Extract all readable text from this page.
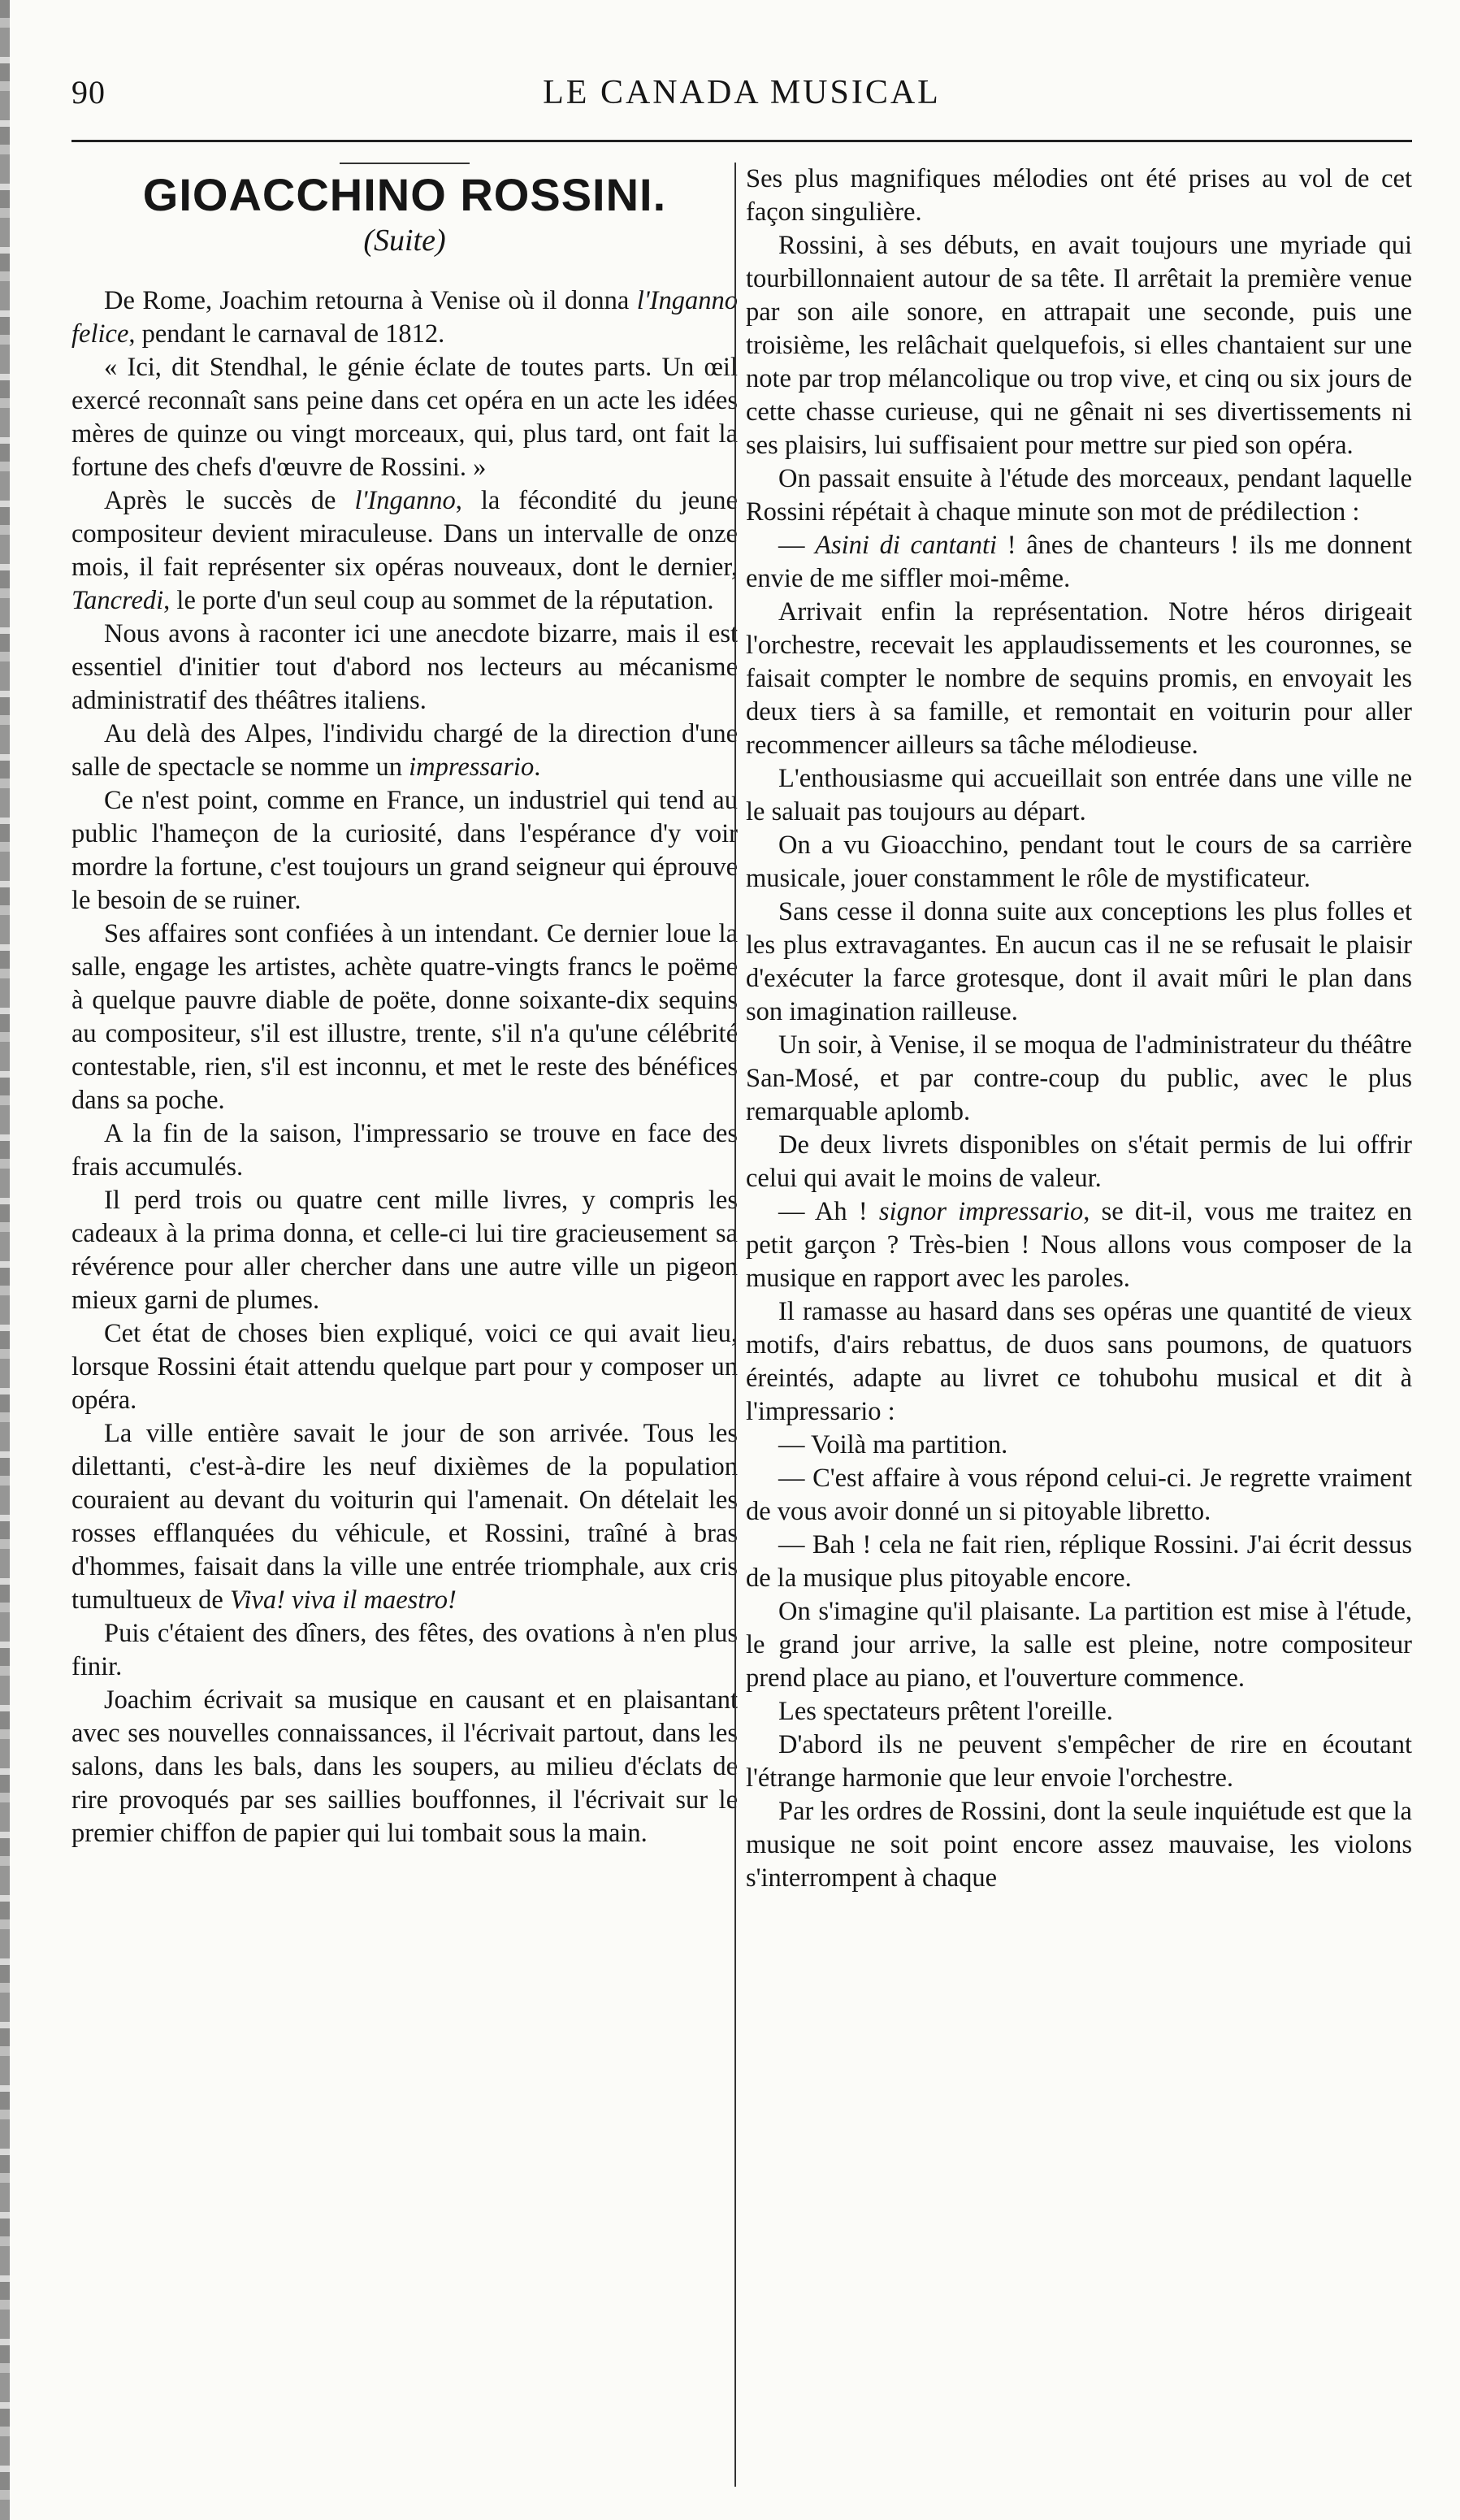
90	LE CANADA MUSICAL
GIOACCHINO ROSSINI.
(Suite)

De Rome, Joachim retourna à Venise où il donna l'Inganno felice, pendant le carnaval de 1812.

« Ici, dit Stendhal, le génie éclate de toutes parts. Un œil exercé reconnaît sans peine dans cet opéra en un acte les idées mères de quinze ou vingt morceaux, qui, plus tard, ont fait la fortune des chefs d'œuvre de Rossini. »

Après le succès de l'Inganno, la fécondité du jeune compositeur devient miraculeuse. Dans un intervalle de onze mois, il fait représenter six opéras nouveaux, dont le dernier, Tancredi, le porte d'un seul coup au sommet de la réputation.

Nous avons à raconter ici une anecdote bizarre, mais il est essentiel d'initier tout d'abord nos lecteurs au mécanisme administratif des théâtres italiens.

Au delà des Alpes, l'individu chargé de la direction d'une salle de spectacle se nomme un impressario.

Ce n'est point, comme en France, un industriel qui tend au public l'hameçon de la curiosité, dans l'espérance d'y voir mordre la fortune, c'est toujours un grand seigneur qui éprouve le besoin de se ruiner.

Ses affaires sont confiées à un intendant. Ce dernier loue la salle, engage les artistes, achète quatre-vingts francs le poëme à quelque pauvre diable de poëte, donne soixante-dix sequins au compositeur, s'il est illustre, trente, s'il n'a qu'une célébrité contestable, rien, s'il est inconnu, et met le reste des bénéfices dans sa poche.

A la fin de la saison, l'impressario se trouve en face des frais accumulés.

Il perd trois ou quatre cent mille livres, y compris les cadeaux à la prima donna, et celle-ci lui tire gracieusement sa révérence pour aller chercher dans une autre ville un pigeon mieux garni de plumes.

Cet état de choses bien expliqué, voici ce qui avait lieu, lorsque Rossini était attendu quelque part pour y composer un opéra.

La ville entière savait le jour de son arrivée. Tous les dilettanti, c'est-à-dire les neuf dixièmes de la population couraient au devant du voiturin qui l'amenait. On dételait les rosses efflanquées du véhicule, et Rossini, traîné à bras d'hommes, faisait dans la ville une entrée triomphale, aux cris tumultueux de Viva! viva il maestro!

Puis c'étaient des dîners, des fêtes, des ovations à n'en plus finir.

Joachim écrivait sa musique en causant et en plaisantant avec ses nouvelles connaissances, il l'écrivait partout, dans les salons, dans les bals, dans les soupers, au milieu d'éclats de rire provoqués par ses saillies bouffonnes, il l'écrivait sur le premier chiffon de papier qui lui tombait sous la main.

Ses plus magnifiques mélodies ont été prises au vol de cet façon singulière.

Rossini, à ses débuts, en avait toujours une myriade qui tourbillonnaient autour de sa tête. Il arrêtait la première venue par son aile sonore, en attrapait une seconde, puis une troisième, les relâchait quelquefois, si elles chantaient sur une note par trop mélancolique ou trop vive, et cinq ou six jours de cette chasse curieuse, qui ne gênait ni ses divertissements ni ses plaisirs, lui suffisaient pour mettre sur pied son opéra.

On passait ensuite à l'étude des morceaux, pendant laquelle Rossini répétait à chaque minute son mot de prédilection :

— Asini di cantanti ! ânes de chanteurs ! ils me donnent envie de me siffler moi-même.

Arrivait enfin la représentation. Notre héros dirigeait l'orchestre, recevait les applaudissements et les couronnes, se faisait compter le nombre de sequins promis, en envoyait les deux tiers à sa famille, et remontait en voiturin pour aller recommencer ailleurs sa tâche mélodieuse.

L'enthousiasme qui accueillait son entrée dans une ville ne le saluait pas toujours au départ.

On a vu Gioacchino, pendant tout le cours de sa carrière musicale, jouer constamment le rôle de mystificateur.

Sans cesse il donna suite aux conceptions les plus folles et les plus extravagantes. En aucun cas il ne se refusait le plaisir d'exécuter la farce grotesque, dont il avait mûri le plan dans son imagination railleuse.

Un soir, à Venise, il se moqua de l'administrateur du théâtre San-Mosé, et par contre-coup du public, avec le plus remarquable aplomb.

De deux livrets disponibles on s'était permis de lui offrir celui qui avait le moins de valeur.

— Ah ! signor impressario, se dit-il, vous me traitez en petit garçon ? Très-bien ! Nous allons vous composer de la musique en rapport avec les paroles.

Il ramasse au hasard dans ses opéras une quantité de vieux motifs, d'airs rebattus, de duos sans poumons, de quatuors éreintés, adapte au livret ce tohubohu musical et dit à l'impressario :

— Voilà ma partition.

— C'est affaire à vous répond celui-ci. Je regrette vraiment de vous avoir donné un si pitoyable libretto.

— Bah ! cela ne fait rien, réplique Rossini. J'ai écrit dessus de la musique plus pitoyable encore.

On s'imagine qu'il plaisante. La partition est mise à l'étude, le grand jour arrive, la salle est pleine, notre compositeur prend place au piano, et l'ouverture commence.

Les spectateurs prêtent l'oreille.

D'abord ils ne peuvent s'empêcher de rire en écoutant l'étrange harmonie que leur envoie l'orchestre.

Par les ordres de Rossini, dont la seule inquiétude est que la musique ne soit point encore assez mauvaise, les violons s'interrompent à chaque
